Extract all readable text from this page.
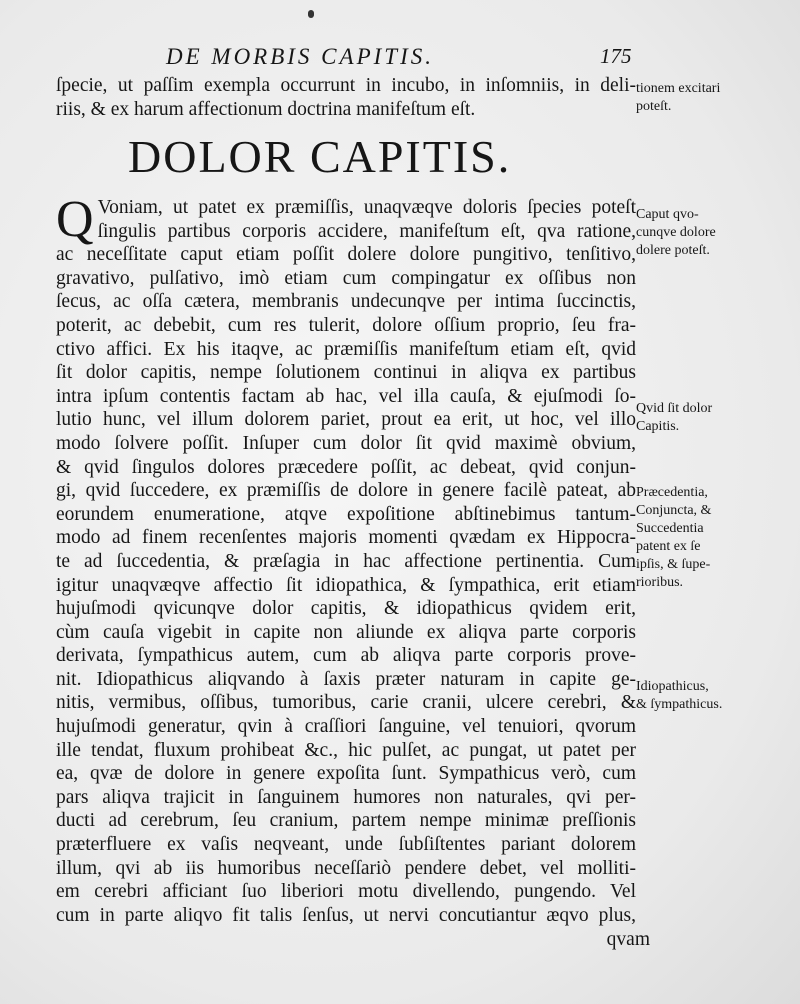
DE MORBIS CAPITIS.	175
ſpecie, ut paſſim exempla occurrunt in incubo, in inſomniis, in deli-
riis, & ex harum affectionum doctrina manifeſtum eſt.
DOLOR CAPITIS.
Q Voniam, ut patet ex præmiſſis, unaqvæqve doloris ſpecies poteſt
ſingulis partibus corporis accidere, manifeſtum eſt, qva ratione,
ac neceſſitate caput etiam poſſit dolere dolore pungitivo, tenſitivo,
gravativo, pulſativo, imò etiam cum compingatur ex oſſibus non
ſecus, ac oſſa cætera, membranis undecunqve per intima ſuccinctis,
poterit, ac debebit, cum res tulerit, dolore oſſium proprio, ſeu fra-
ctivo affici. Ex his itaqve, ac præmiſſis manifeſtum etiam eſt, qvid
ſit dolor capitis, nempe ſolutionem continui in aliqva ex partibus
intra ipſum contentis factam ab hac, vel illa cauſa, & ejuſmodi ſo-
lutio hunc, vel illum dolorem pariet, prout ea erit, ut hoc, vel illo
modo ſolvere poſſit. Inſuper cum dolor ſit qvid maximè obvium,
& qvid ſingulos dolores præcedere poſſit, ac debeat, qvid conjun-
gi, qvid ſuccedere, ex præmiſſis de dolore in genere facilè pateat, ab
eorundem enumeratione, atqve expoſitione abſtinebimus tantum-
modo ad finem recenſentes majoris momenti qvædam ex Hippocra-
te ad ſuccedentia, & præſagia in hac affectione pertinentia. Cum
igitur unaqvæqve affectio ſit idiopathica, & ſympathica, erit etiam
hujuſmodi qvicunqve dolor capitis, & idiopathicus qvidem erit,
cùm cauſa vigebit in capite non aliunde ex aliqva parte corporis
derivata, ſympathicus autem, cum ab aliqva parte corporis prove-
nit. Idiopathicus aliqvando à ſaxis præter naturam in capite ge-
nitis, vermibus, oſſibus, tumoribus, carie cranii, ulcere cerebri, &
hujuſmodi generatur, qvin à craſſiori ſanguine, vel tenuiori, qvorum
ille tendat, fluxum prohibeat &c., hic pulſet, ac pungat, ut patet per
ea, qvæ de dolore in genere expoſita ſunt. Sympathicus verò, cum
pars aliqva trajicit in ſanguinem humores non naturales, qvi per-
ducti ad cerebrum, ſeu cranium, partem nempe minimæ preſſionis
præterfluere ex vaſis neqveant, unde ſubſiſtentes pariant dolorem
illum, qvi ab iis humoribus neceſſariò pendere debet, vel molliti-
em cerebri afficiant ſuo liberiori motu divellendo, pungendo. Vel
cum in parte aliqvo fit talis ſenſus, ut nervi concutiantur æqvo plus,
qvam
tionem excitari
poteſt.
Caput qvo-
cunqve dolore
dolere poteſt.
Qvid ſit dolor
Capitis.
Præcedentia,
Conjuncta, &
Succedentia
patent ex ſe
ipſis, & ſupe-
rioribus.
Idiopathicus,
& ſympathicus.
